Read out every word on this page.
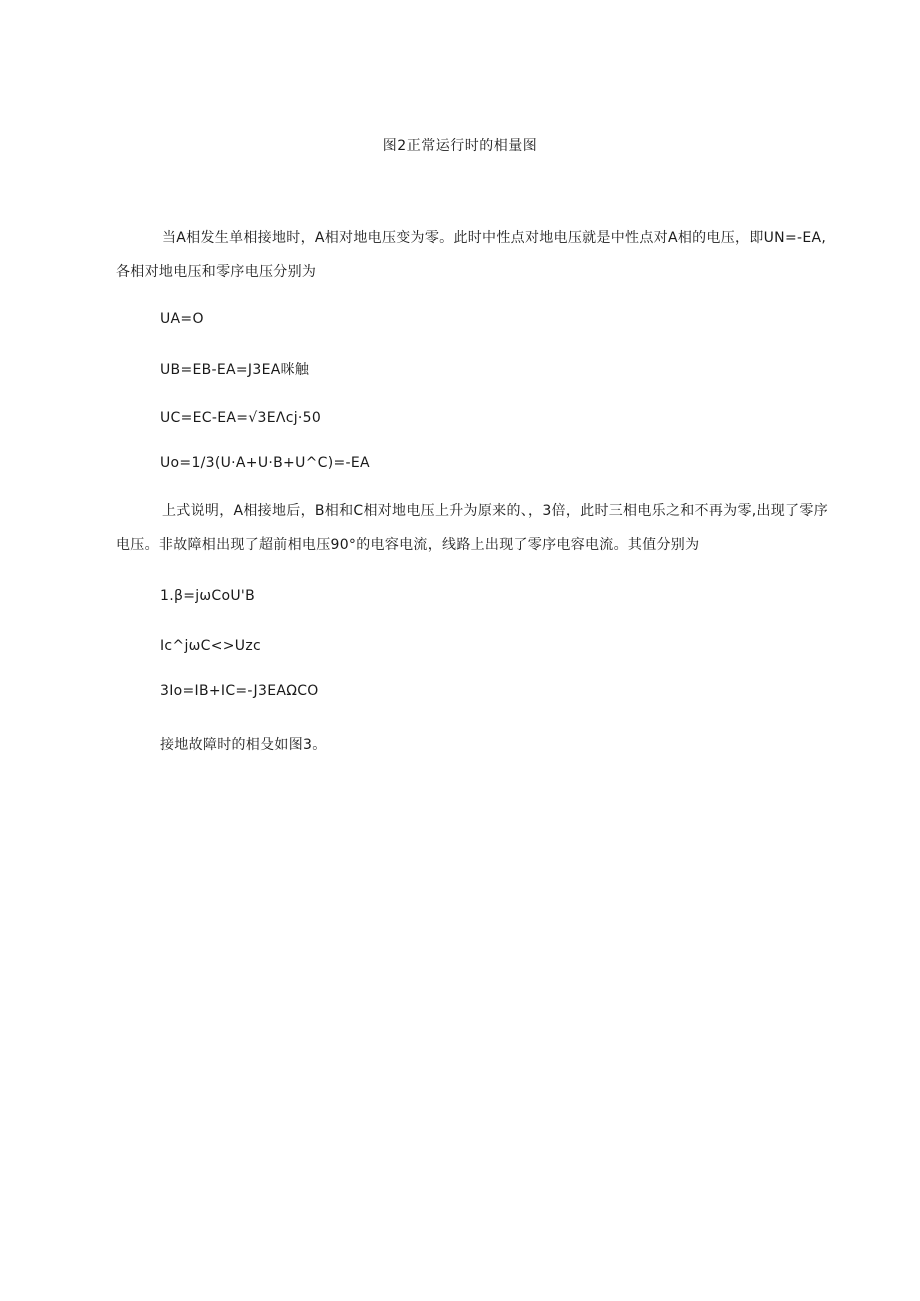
图2正常运行时的相量图
当A相发生单相接地时，A相对地电压变为零。此时中性点对地电压就是中性点对A相的电压，即UN=-EA,各相对地电压和零序电压分别为
UA=O
UB=EB-EA=J3EA咪触
UC=EC-EA=√3EΛcj·50
Uo=1/3(U·A+U·B+U^C)=-EA
上式说明，A相接地后，B相和C相对地电压上升为原来的、，3倍，此时三相电乐之和不再为零,出现了零序电压。非故障相出现了超前相电压90°的电容电流，线路上出现了零序电容电流。其值分别为
1.β=jωCoU'B
Ic^jωC<>Uzc
3Io=IB+IC=-J3EAΩCO
接地故障时的相殳如图3。
